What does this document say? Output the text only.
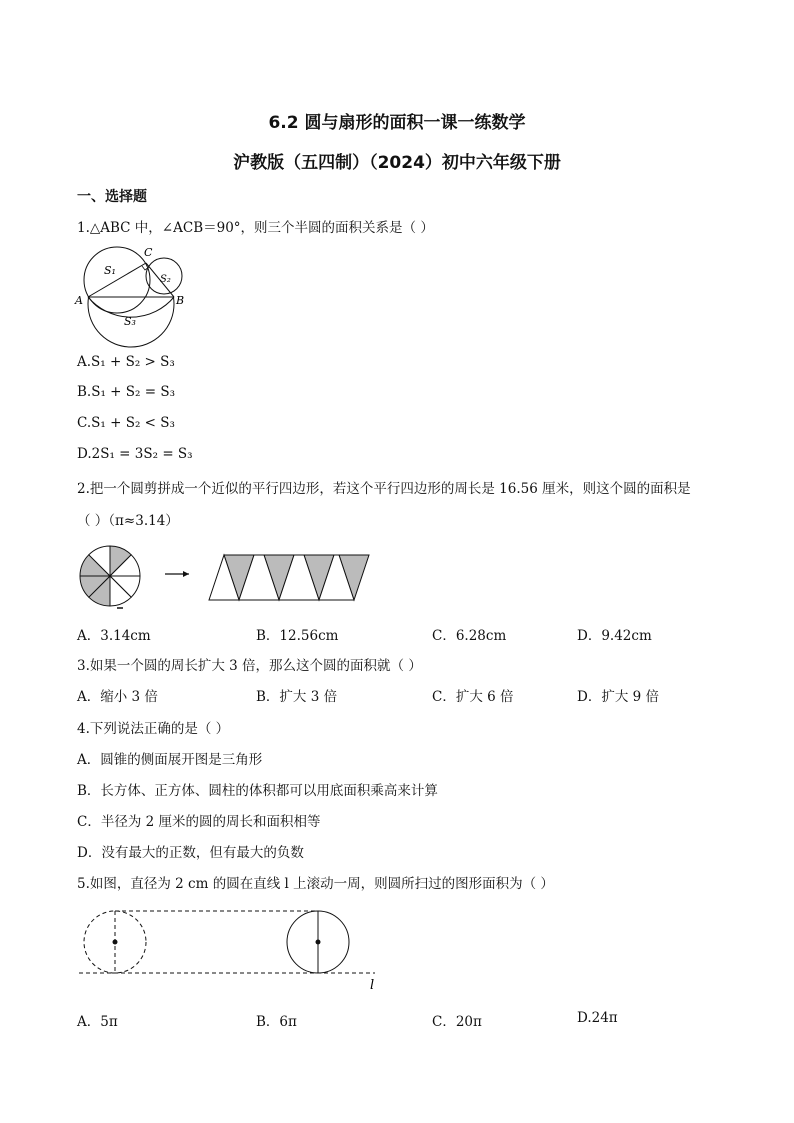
6.2 圆与扇形的面积一课一练数学
沪教版（五四制）（2024）初中六年级下册
一、选择题
1.△ABC 中，∠ACB＝90°，则三个半圆的面积关系是（ ）
C
A	B
S₁
S₂
S₃
A.S₁ + S₂ > S₃
B.S₁ + S₂ = S₃
C.S₁ + S₂ < S₃
D.2S₁ = 3S₂ = S₃
2.把一个圆剪拼成一个近似的平行四边形，若这个平行四边形的周长是 16.56 厘米，则这个圆的面积是
（ ）（π≈3.14）
A．3.14cm	B．12.56cm	C．6.28cm	D．9.42cm
3.如果一个圆的周长扩大 3 倍，那么这个圆的面积就（ ）
A．缩小 3 倍	B．扩大 3 倍	C．扩大 6 倍	D．扩大 9 倍
4.下列说法正确的是（ ）
A．圆锥的侧面展开图是三角形
B．长方体、正方体、圆柱的体积都可以用底面积乘高来计算
C．半径为 2 厘米的圆的周长和面积相等
D．没有最大的正数，但有最大的负数
5.如图，直径为 2 cm 的圆在直线 l 上滚动一周，则圆所扫过的图形面积为（ ）
l
A．5π	B．6π	C．20π	D.24π
